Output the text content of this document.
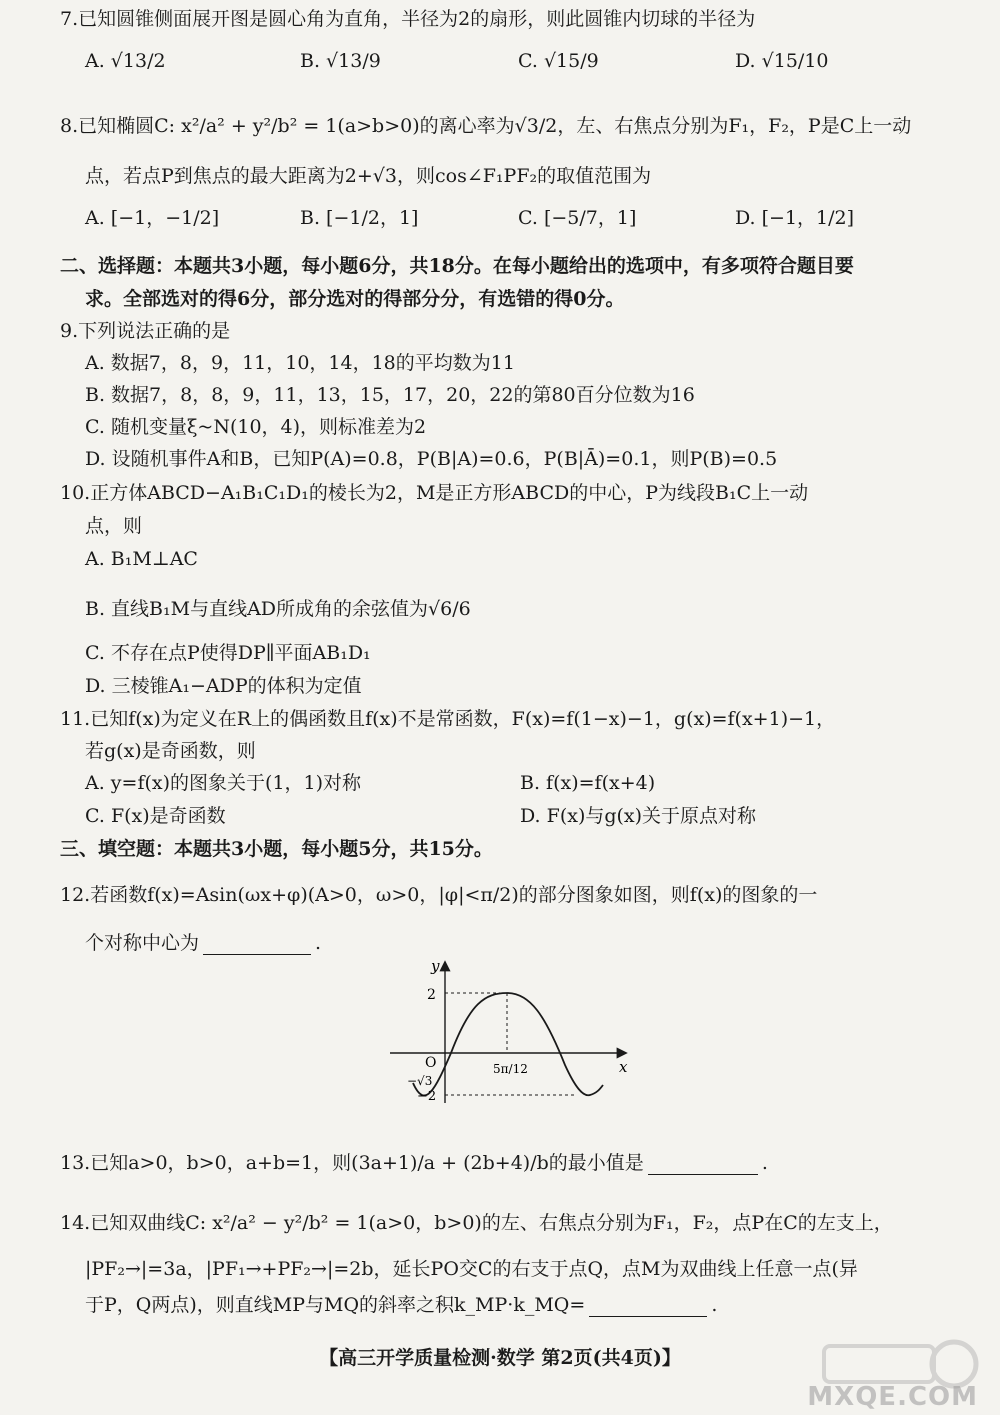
7.已知圆锥侧面展开图是圆心角为直角，半径为2的扇形，则此圆锥内切球的半径为
A. √13/2	B. √13/9	C. √15/9	D. √15/10
8.已知椭圆C: x²/a² + y²/b² = 1(a>b>0)的离心率为√3/2，左、右焦点分别为F₁，F₂，P是C上一动
点，若点P到焦点的最大距离为2+√3，则cos∠F₁PF₂的取值范围为
A. [−1，−1/2]	B. [−1/2，1]	C. [−5/7，1]	D. [−1，1/2]
二、选择题：本题共3小题，每小题6分，共18分。在每小题给出的选项中，有多项符合题目要
求。全部选对的得6分，部分选对的得部分分，有选错的得0分。
9.下列说法正确的是
A. 数据7，8，9，11，10，14，18的平均数为11
B. 数据7，8，8，9，11，13，15，17，20，22的第80百分位数为16
C. 随机变量ξ~N(10，4)，则标准差为2
D. 设随机事件A和B，已知P(A)=0.8，P(B|A)=0.6，P(B|Ā)=0.1，则P(B)=0.5
10.正方体ABCD−A₁B₁C₁D₁的棱长为2，M是正方形ABCD的中心，P为线段B₁C上一动
点，则
A. B₁M⊥AC
B. 直线B₁M与直线AD所成角的余弦值为√6/6
C. 不存在点P使得DP∥平面AB₁D₁
D. 三棱锥A₁−ADP的体积为定值
11.已知f(x)为定义在R上的偶函数且f(x)不是常函数，F(x)=f(1−x)−1，g(x)=f(x+1)−1，
若g(x)是奇函数，则
A. y=f(x)的图象关于(1，1)对称	B. f(x)=f(x+4)
C. F(x)是奇函数	D. F(x)与g(x)关于原点对称
三、填空题：本题共3小题，每小题5分，共15分。
12.若函数f(x)=Asin(ωx+φ)(A>0，ω>0，|φ|<π/2)的部分图象如图，则f(x)的图象的一
个对称中心为	.
y
x
O
2
−2
−√3
5π/12
13.已知a>0，b>0，a+b=1，则(3a+1)/a + (2b+4)/b的最小值是	.
14.已知双曲线C: x²/a² − y²/b² = 1(a>0，b>0)的左、右焦点分别为F₁，F₂，点P在C的左支上，
|PF₂→|=3a，|PF₁→+PF₂→|=2b，延长PO交C的右支于点Q，点M为双曲线上任意一点(异
于P，Q两点)，则直线MP与MQ的斜率之积k_MP·k_MQ=	.
【高三开学质量检测·数学 第2页(共4页)】
MXQE.COM
